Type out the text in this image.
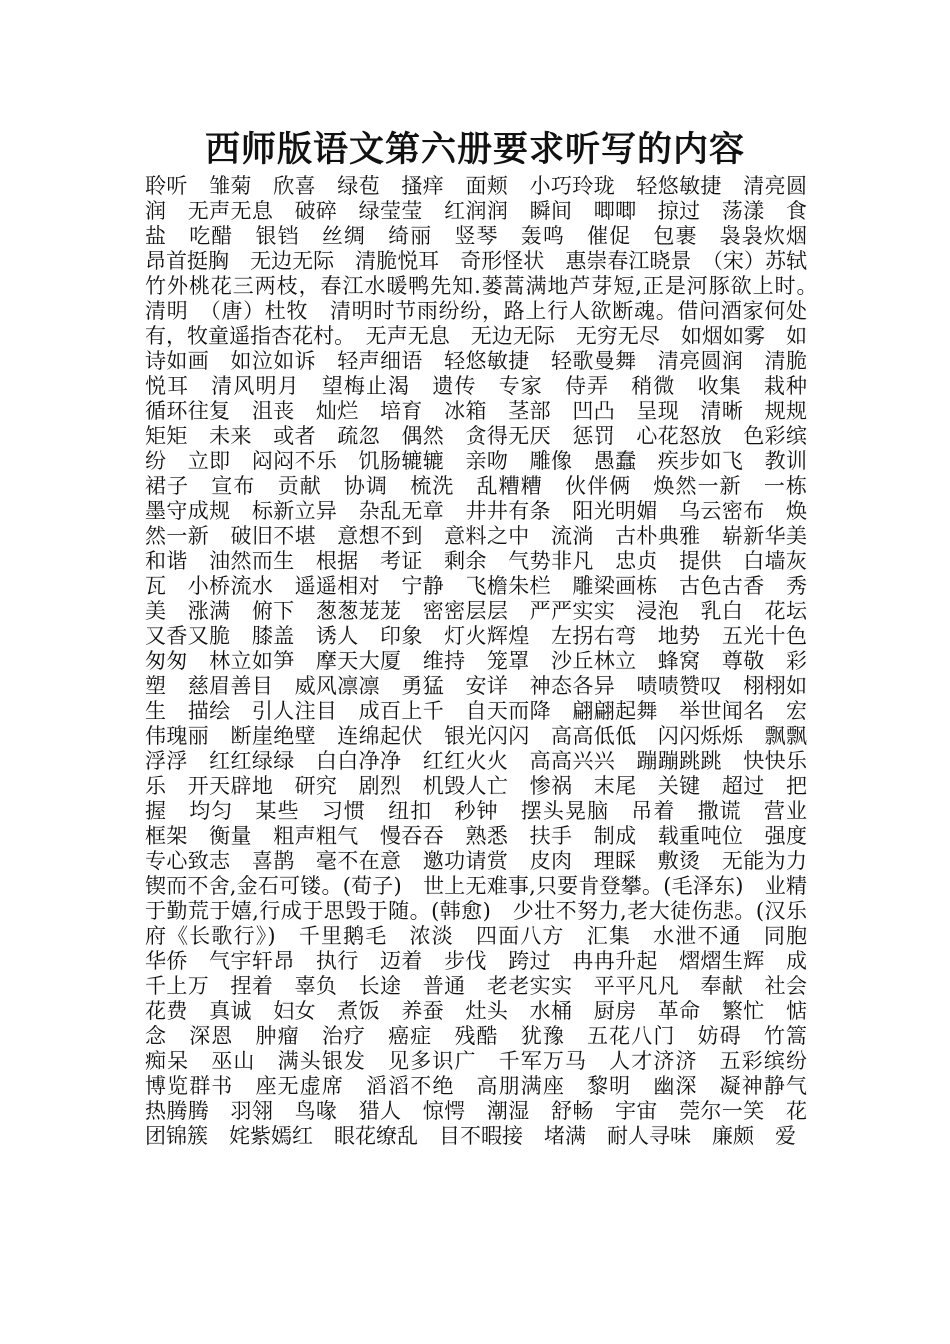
西师版语文第六册要求听写的内容

聆听　雏菊　欣喜　绿苞　搔痒　面颊　小巧玲珑　轻悠敏捷　清亮圆润　无声无息　破碎　绿莹莹　红润润　瞬间　唧唧　掠过　荡漾　食盐　吃醋　银铛　丝绸　绮丽　竖琴　轰鸣　催促　包裹　袅袅炊烟　昂首挺胸　无边无际　清脆悦耳　奇形怪状　惠崇春江晓景　（宋）苏轼　　竹外桃花三两枝，春江水暖鸭先知.蒌蒿满地芦芽短,正是河豚欲上时。　清明　（唐）杜牧　清明时节雨纷纷，路上行人欲断魂。借问酒家何处有，牧童遥指杏花村。　无声无息　无边无际　无穷无尽　如烟如雾　如诗如画　如泣如诉　轻声细语　轻悠敏捷　轻歌曼舞　清亮圆润　清脆悦耳　清风明月　望梅止渴　遗传　专家　侍弄　稍微　收集　栽种　循环往复　沮丧　灿烂　培育　冰箱　茎部　凹凸　呈现　清晰　规规矩矩　未来　或者　疏忽　偶然　贪得无厌　惩罚　心花怒放　色彩缤纷　立即　闷闷不乐　饥肠辘辘　亲吻　雕像　愚蠢　疾步如飞　教训　裙子　宣布　贡献　协调　梳洗　乱糟糟　伙伴俩　焕然一新　一栋　墨守成规　标新立异　杂乱无章　井井有条　阳光明媚　乌云密布　焕然一新　破旧不堪　意想不到　意料之中　流淌　古朴典雅　崭新华美　和谐　油然而生　根据　考证　剩余　气势非凡　忠贞　提供　白墙灰瓦　小桥流水　遥遥相对　宁静　飞檐朱栏　雕梁画栋　古色古香　秀美　涨满　俯下　葱葱茏茏　密密层层　严严实实　浸泡　乳白　花坛　又香又脆　膝盖　诱人　印象　灯火辉煌　左拐右弯　地势　五光十色　匆匆　林立如笋　摩天大厦　维持　笼罩　沙丘林立　蜂窝　尊敬　彩塑　慈眉善目　威风凛凛　勇猛　安详　神态各异　啧啧赞叹　栩栩如生　描绘　引人注目　成百上千　自天而降　翩翩起舞　举世闻名　宏伟瑰丽　断崖绝壁　连绵起伏　银光闪闪　高高低低　闪闪烁烁　飘飘浮浮　红红绿绿　白白净净　红红火火　高高兴兴　蹦蹦跳跳　快快乐乐　开天辟地　研究　剧烈　机毁人亡　惨祸　末尾　关键　超过　把握　均匀　某些　习惯　纽扣　秒钟　摆头晃脑　吊着　撒谎　营业　框架　衡量　粗声粗气　慢吞吞　熟悉　扶手　制成　载重吨位　强度　专心致志　喜鹊　毫不在意　邀功请赏　皮肉　理睬　敷烫　无能为力　锲而不舍,金石可镂。(荀子)　世上无难事,只要肯登攀。(毛泽东)　业精于勤荒于嬉,行成于思毁于随。(韩愈)　少壮不努力,老大徒伤悲。(汉乐府《长歌行》)　千里鹅毛　浓淡　四面八方　汇集　水泄不通　同胞　华侨　气宇轩昂　执行　迈着　步伐　跨过　冉冉升起　熠熠生辉　成千上万　捏着　辜负　长途　普通　老老实实　平平凡凡　奉献　社会　花费　真诚　妇女　煮饭　养蚕　灶头　水桶　厨房　革命　繁忙　惦念　深恩　肿瘤　治疗　癌症　残酷　犹豫　五花八门　妨碍　竹篙　痴呆　巫山　满头银发　见多识广　千军万马　人才济济　五彩缤纷　博览群书　座无虚席　滔滔不绝　高朋满座　黎明　幽深　凝神静气　热腾腾　羽翎　鸟喙　猎人　惊愕　潮湿　舒畅　宇宙　莞尔一笑　花团锦簇　姹紫嫣红　眼花缭乱　目不暇接　堵满　耐人寻味　廉颇　爱
